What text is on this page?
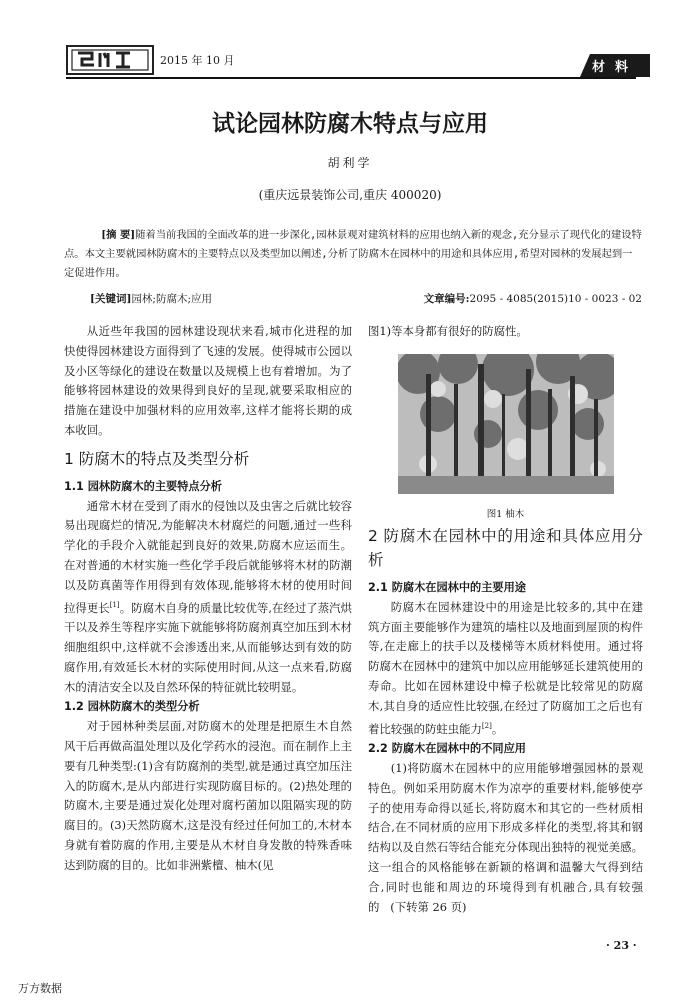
2015 年 10 月	材料
试论园林防腐木特点与应用
胡利学
(重庆远景装饰公司,重庆 400020)
[摘 要]随着当前我国的全面改革的进一步深化,园林景观对建筑材料的应用也纳入新的观念,充分显示了现代化的建设特点。本文主要就园林防腐木的主要特点以及类型加以阐述,分析了防腐木在园林中的用途和具体应用,希望对园林的发展起到一定促进作用。
[关键词]园林;防腐木;应用	文章编号:2095 - 4085(2015)10 - 0023 - 02

从近些年我国的园林建设现状来看,城市化进程的加快使得园林建设方面得到了飞速的发展。使得城市公园以及小区等绿化的建设在数量以及规模上也有着增加。为了能够将园林建设的效果得到良好的呈现,就要采取相应的措施在建设中加强材料的应用效率,这样才能将长期的成本收回。

1 防腐木的特点及类型分析
1.1 园林防腐木的主要特点分析

通常木材在受到了雨水的侵蚀以及虫害之后就比较容易出现腐烂的情况,为能解决木材腐烂的问题,通过一些科学化的手段介入就能起到良好的效果,防腐木应运而生。在对普通的木材实施一些化学手段后就能够将木材的防潮以及防真菌等作用得到有效体现,能够将木材的使用时间拉得更长[1]。防腐木自身的质量比较优等,在经过了蒸汽烘干以及养生等程序实施下就能够将防腐剂真空加压到木材细胞组织中,这样就不会渗透出来,从而能够达到有效的防腐作用,有效延长木材的实际使用时间,从这一点来看,防腐木的清洁安全以及自然环保的特征就比较明显。

1.2 园林防腐木的类型分析

对于园林种类层面,对防腐木的处理是把原生木自然风干后再做高温处理以及化学药水的浸泡。而在制作上主要有几种类型:(1)含有防腐剂的类型,就是通过真空加压注入的防腐木,是从内部进行实现防腐目标的。(2)热处理的防腐木,主要是通过炭化处理对腐朽菌加以阻隔实现的防腐目的。(3)天然防腐木,这是没有经过任何加工的,木材本身就有着防腐的作用,主要是从木材自身发散的特殊香味达到防腐的目的。比如非洲紫檀、柚木(见

图1)等本身都有很好的防腐性。

图1 柚木
2 防腐木在园林中的用途和具体应用分析
2.1 防腐木在园林中的主要用途

防腐木在园林建设中的用途是比较多的,其中在建筑方面主要能够作为建筑的墙柱以及地面到屋顶的构件等,在走廊上的扶手以及楼梯等木质材料使用。通过将防腐木在园林中的建筑中加以应用能够延长建筑使用的寿命。比如在园林建设中樟子松就是比较常见的防腐木,其自身的适应性比较强,在经过了防腐加工之后也有着比较强的防蛀虫能力[2]。

2.2 防腐木在园林中的不同应用

(1)将防腐木在园林中的应用能够增强园林的景观特色。例如采用防腐木作为凉亭的重要材料,能够使亭子的使用寿命得以延长,将防腐木和其它的一些材质相结合,在不同材质的应用下形成多样化的类型,将其和钢结构以及自然石等结合能充分体现出独特的视觉美感。这一组合的风格能够在新颖的格调和温馨大气得到结合,同时也能和周边的环境得到有机融合,具有较强的 (下转第 26 页)

· 23 ·
万方数据
